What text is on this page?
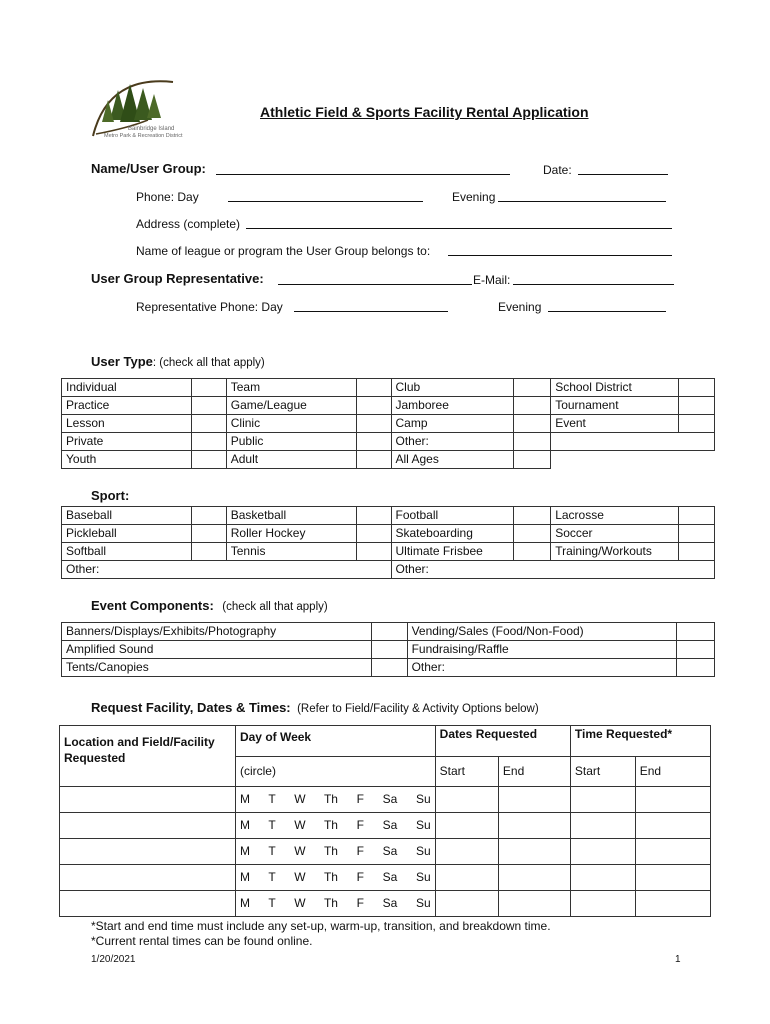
Bainbridge Island
Metro Park & Recreation District
Athletic Field & Sports Facility Rental Application
Name/User Group:	Date:
Phone: Day	Evening
Address (complete)
Name of league or program the User Group belongs to:
User Group Representative:	E-Mail:
Representative Phone: Day	Evening
User Type: (check all that apply)
Individual		Team		Club		School District	
Practice		Game/League		Jamboree		Tournament	
Lesson		Clinic		Camp		Event	
Private		Public		Other:			
Youth		Adult		All Ages			
Sport:
Baseball		Basketball		Football		Lacrosse	
Pickleball		Roller Hockey		Skateboarding		Soccer	
Softball		Tennis		Ultimate Frisbee		Training/Workouts	
Other:				Other:			
Event Components: (check all that apply)
Banners/Displays/Exhibits/Photography		Vending/Sales (Food/Non-Food)	
Amplified Sound		Fundraising/Raffle	
Tents/Canopies		Other:	
Request Facility, Dates & Times: (Refer to Field/Facility & Activity Options below)
Location and Field/Facility Requested	Day of Week	Dates Requested		Time Requested*	
	(circle)	Start	End	Start	End
	M  T  W  Th  F  Sa  Su				
	M  T  W  Th  F  Sa  Su				
	M  T  W  Th  F  Sa  Su				
	M  T  W  Th  F  Sa  Su				
	M  T  W  Th  F  Sa  Su				
*Start and end time must include any set-up, warm-up, transition, and breakdown time.
*Current rental times can be found online.
1/20/2021	1
